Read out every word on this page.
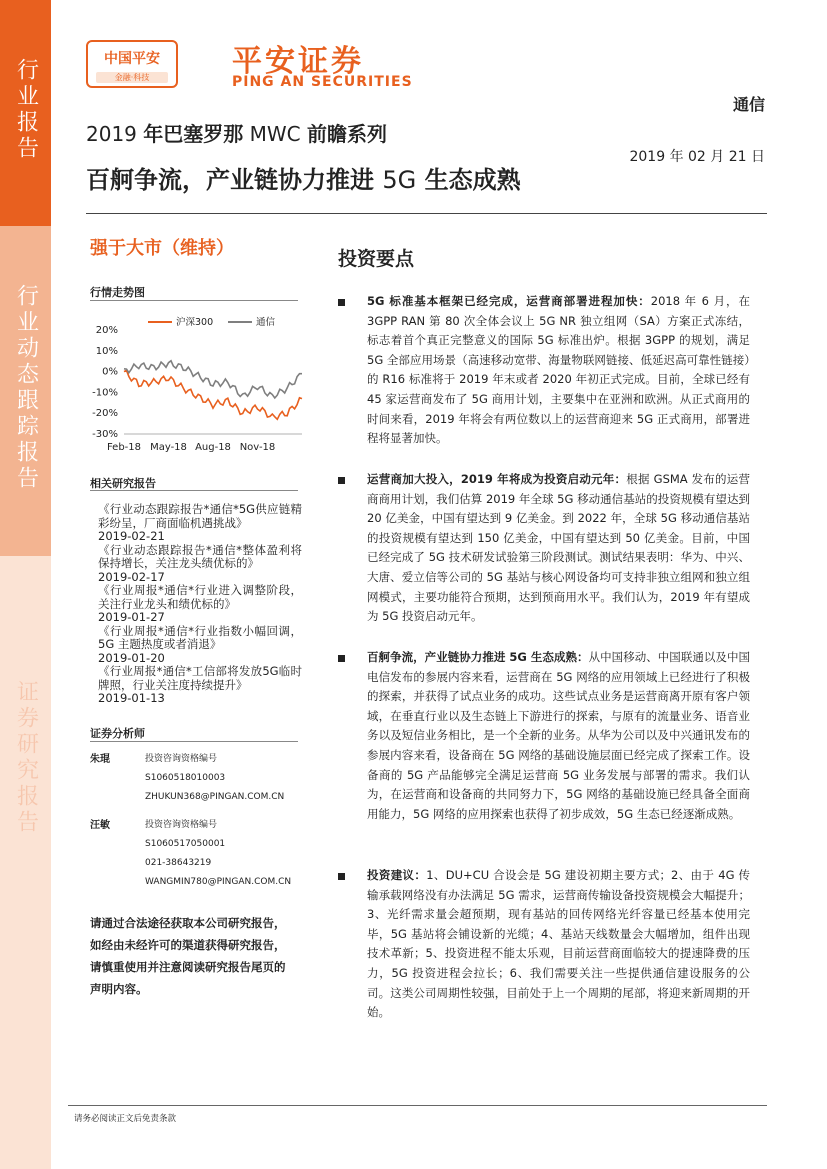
行业报告
行业动态跟踪报告
证券研究报告
中国平安
金融·科技	平安证券
PING AN SECURITIES
通信
2019 年巴塞罗那 MWC 前瞻系列
2019 年 02 月 21 日
百舸争流，产业链协力推进 5G 生态成熟
强于大市（维持）
行情走势图
20%
10%
0%
-10%
-20%
-30%
Feb-18 May-18 Aug-18 Nov-18
沪深300	通信
相关研究报告
《行业动态跟踪报告*通信*5G供应链精彩纷呈，厂商面临机遇挑战》
2019-02-21
《行业动态跟踪报告*通信*整体盈利将保持增长，关注龙头绩优标的》
2019-02-17
《行业周报*通信*行业进入调整阶段，关注行业龙头和绩优标的》
2019-01-27
《行业周报*通信*行业指数小幅回调，5G 主题热度或者消退》
2019-01-20
《行业周报*通信*工信部将发放5G临时牌照，行业关注度持续提升》
2019-01-13
证券分析师
朱琨	投资咨询资格编号
S1060518010003
ZHUKUN368@PINGAN.COM.CN
汪敏	投资咨询资格编号
S1060517050001
021-38643219
WANGMIN780@PINGAN.COM.CN
请通过合法途径获取本公司研究报告，如经由未经许可的渠道获得研究报告，请慎重使用并注意阅读研究报告尾页的声明内容。
投资要点
5G 标准基本框架已经完成，运营商部署进程加快：2018 年 6 月，在 3GPP RAN 第 80 次全体会议上 5G NR 独立组网（SA）方案正式冻结，标志着首个真正完整意义的国际 5G 标准出炉。根据 3GPP 的规划，满足 5G 全部应用场景（高速移动宽带、海量物联网链接、低延迟高可靠性链接）的 R16 标准将于 2019 年末或者 2020 年初正式完成。目前，全球已经有 45 家运营商发布了 5G 商用计划，主要集中在亚洲和欧洲。从正式商用的时间来看，2019 年将会有两位数以上的运营商迎来 5G 正式商用，部署进程将显著加快。
运营商加大投入，2019 年将成为投资启动元年：根据 GSMA 发布的运营商商用计划，我们估算 2019 年全球 5G 移动通信基站的投资规模有望达到 20 亿美金，中国有望达到 9 亿美金。到 2022 年，全球 5G 移动通信基站的投资规模有望达到 150 亿美金，中国有望达到 50 亿美金。目前，中国已经完成了 5G 技术研发试验第三阶段测试。测试结果表明：华为、中兴、大唐、爱立信等公司的 5G 基站与核心网设备均可支持非独立组网和独立组网模式，主要功能符合预期，达到预商用水平。我们认为，2019 年有望成为 5G 投资启动元年。
百舸争流，产业链协力推进 5G 生态成熟：从中国移动、中国联通以及中国电信发布的参展内容来看，运营商在 5G 网络的应用领域上已经进行了积极的探索，并获得了试点业务的成功。这些试点业务是运营商离开原有客户领域，在垂直行业以及生态链上下游进行的探索，与原有的流量业务、语音业务以及短信业务相比，是一个全新的业务。从华为公司以及中兴通讯发布的参展内容来看，设备商在 5G 网络的基础设施层面已经完成了探索工作。设备商的 5G 产品能够完全满足运营商 5G 业务发展与部署的需求。我们认为，在运营商和设备商的共同努力下，5G 网络的基础设施已经具备全面商用能力，5G 网络的应用探索也获得了初步成效，5G 生态已经逐渐成熟。
投资建议：1、DU+CU 合设会是 5G 建设初期主要方式；2、由于 4G 传输承载网络没有办法满足 5G 需求，运营商传输设备投资规模会大幅提升；3、光纤需求量会超预期，现有基站的回传网络光纤容量已经基本使用完毕，5G 基站将会铺设新的光缆；4、基站天线数量会大幅增加，组件出现技术革新；5、投资进程不能太乐观，目前运营商面临较大的提速降费的压力，5G 投资进程会拉长；6、我们需要关注一些提供通信建设服务的公司。这类公司周期性较强，目前处于上一个周期的尾部，将迎来新周期的开始。
请务必阅读正文后免责条款
